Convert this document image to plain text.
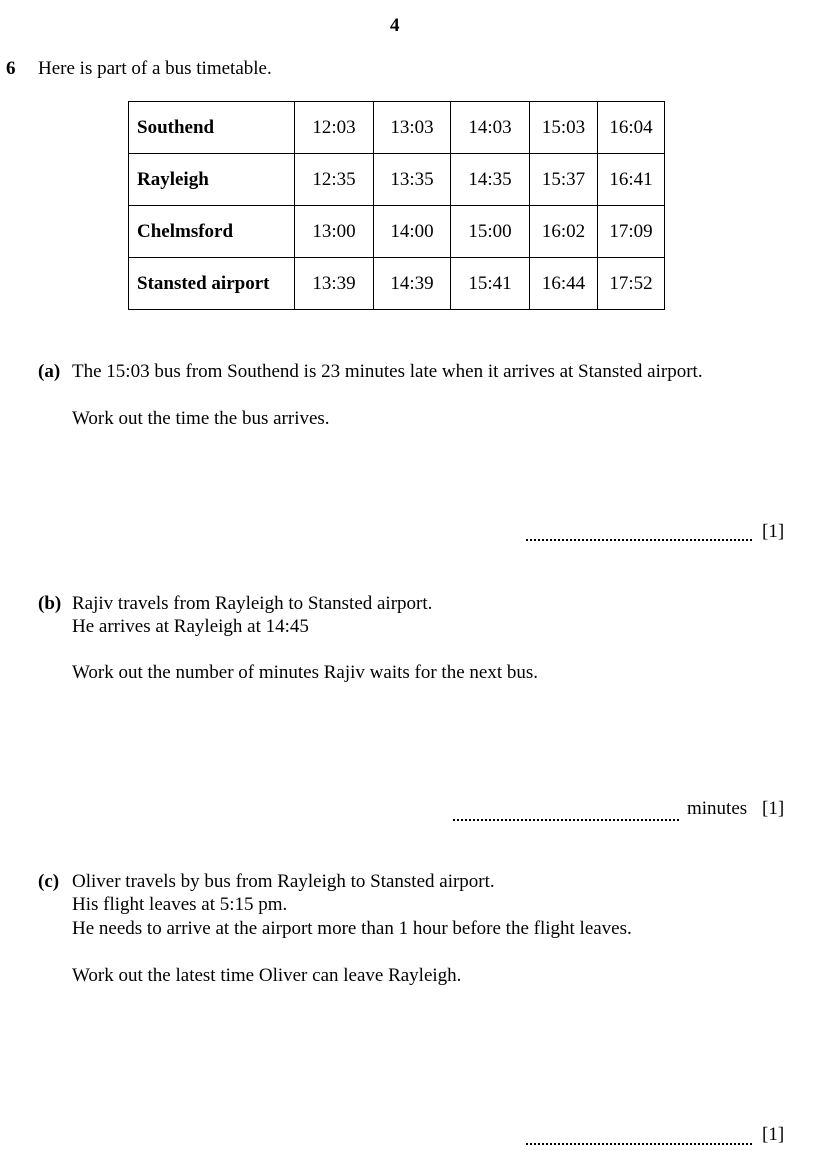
4
6 Here is part of a bus timetable.
Southend	12:03	13:03	14:03	15:03	16:04
Rayleigh	12:35	13:35	14:35	15:37	16:41
Chelmsford	13:00	14:00	15:00	16:02	17:09
Stansted airport	13:39	14:39	15:41	16:44	17:52
(a) The 15:03 bus from Southend is 23 minutes late when it arrives at Stansted airport.
Work out the time the bus arrives.
[1]
(b) Rajiv travels from Rayleigh to Stansted airport.
He arrives at Rayleigh at 14:45
Work out the number of minutes Rajiv waits for the next bus.
minutes [1]
(c) Oliver travels by bus from Rayleigh to Stansted airport.
His flight leaves at 5:15 pm.
He needs to arrive at the airport more than 1 hour before the flight leaves.
Work out the latest time Oliver can leave Rayleigh.
[1]
